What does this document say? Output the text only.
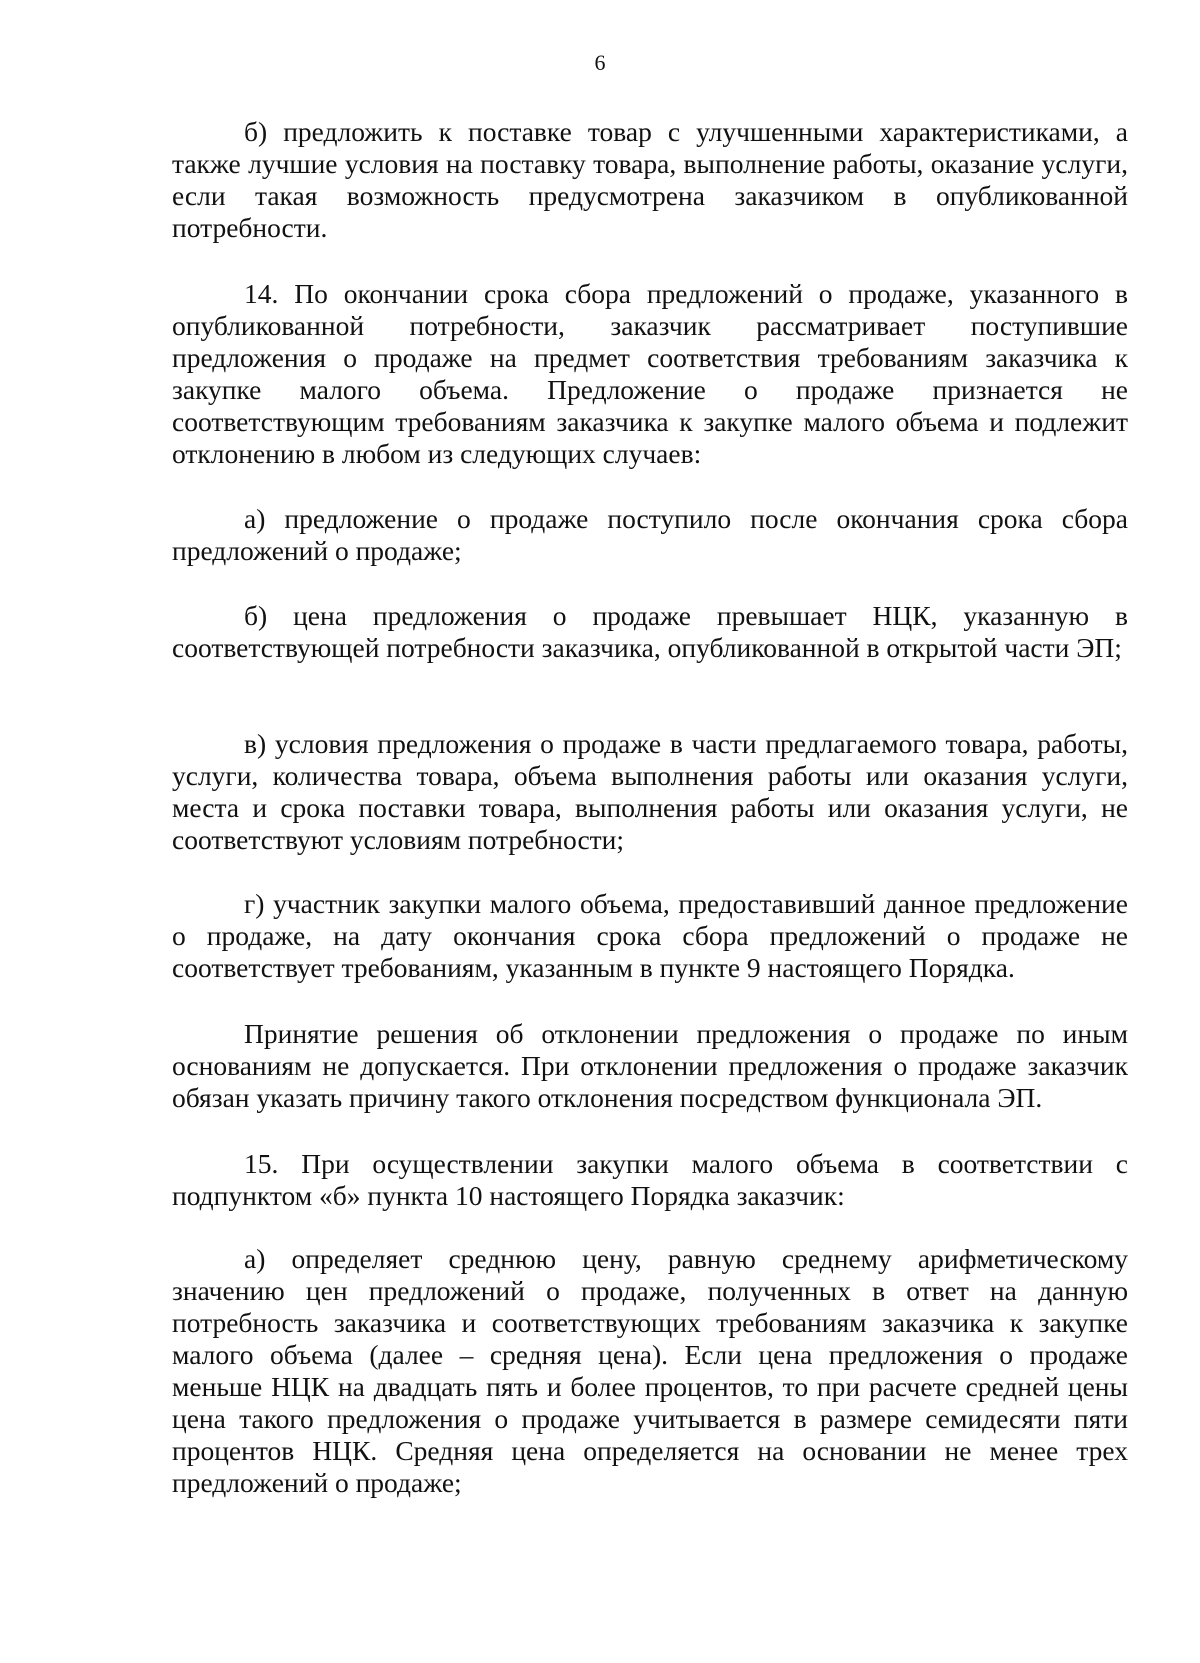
6

б) предложить к поставке товар с улучшенными характеристиками, а также лучшие условия на поставку товара, выполнение работы, оказание услуги, если такая возможность предусмотрена заказчиком в опубликованной потребности.

14. По окончании срока сбора предложений о продаже, указанного в опубликованной потребности, заказчик рассматривает поступившие предложения о продаже на предмет соответствия требованиям заказчика к закупке малого объема. Предложение о продаже признается не соответствующим требованиям заказчика к закупке малого объема и подлежит отклонению в любом из следующих случаев:

а) предложение о продаже поступило после окончания срока сбора предложений о продаже;

б) цена предложения о продаже превышает НЦК, указанную в соответствующей потребности заказчика, опубликованной в открытой части ЭП;

в) условия предложения о продаже в части предлагаемого товара, работы, услуги, количества товара, объема выполнения работы или оказания услуги, места и срока поставки товара, выполнения работы или оказания услуги, не соответствуют условиям потребности;

г) участник закупки малого объема, предоставивший данное предложение о продаже, на дату окончания срока сбора предложений о продаже не соответствует требованиям, указанным в пункте 9 настоящего Порядка.

Принятие решения об отклонении предложения о продаже по иным основаниям не допускается. При отклонении предложения о продаже заказчик обязан указать причину такого отклонения посредством функционала ЭП.

15. При осуществлении закупки малого объема в соответствии с подпунктом «б» пункта 10 настоящего Порядка заказчик:

а) определяет среднюю цену, равную среднему арифметическому значению цен предложений о продаже, полученных в ответ на данную потребность заказчика и соответствующих требованиям заказчика к закупке малого объема (далее – средняя цена). Если цена предложения о продаже меньше НЦК на двадцать пять и более процентов, то при расчете средней цены цена такого предложения о продаже учитывается в размере семидесяти пяти процентов НЦК. Средняя цена определяется на основании не менее трех предложений о продаже;
